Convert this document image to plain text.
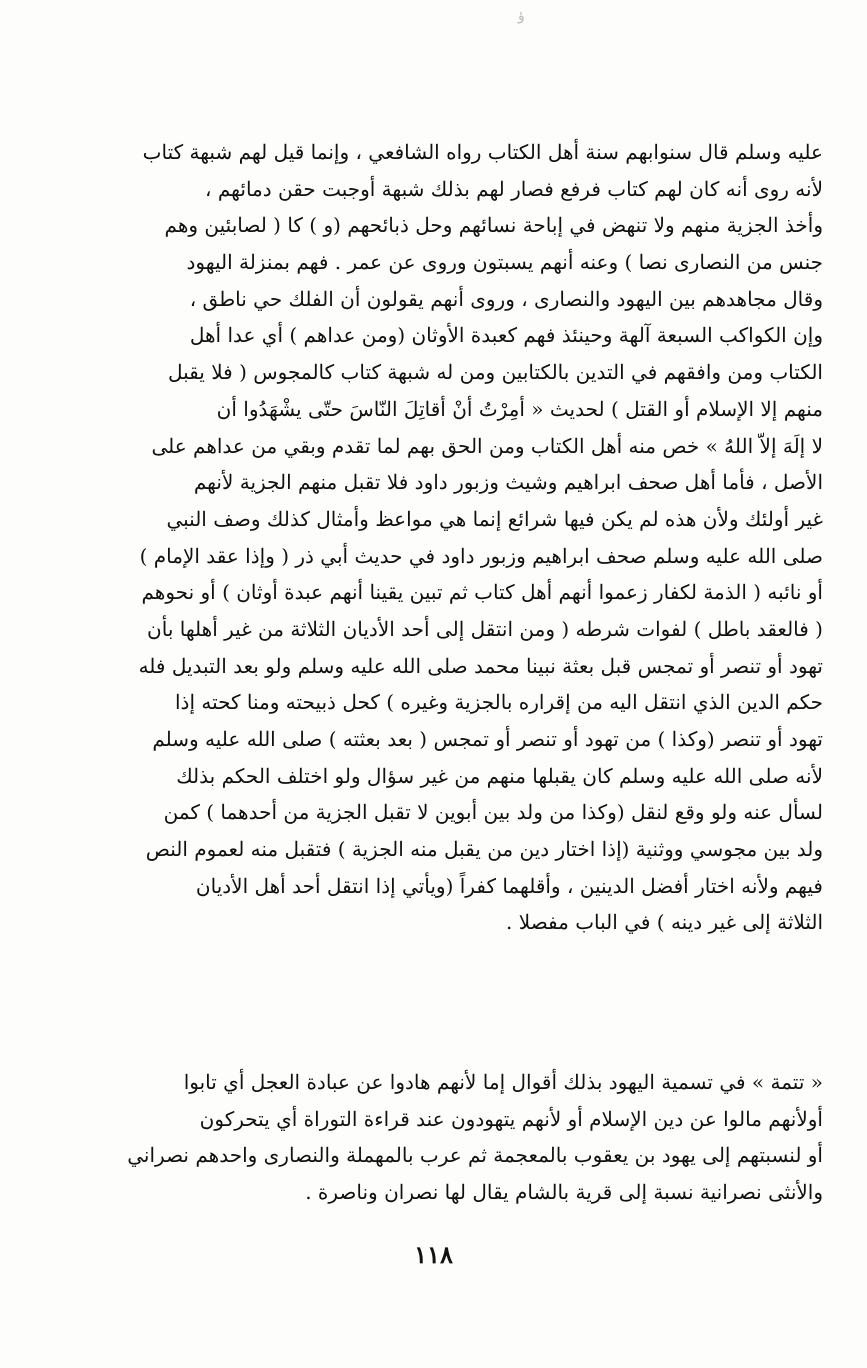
ؤ
عليه وسلم قال سنوابهم سنة أهل الكتاب رواه الشافعي ، وإنما قيل لهم شبهة كتاب
لأنه روى أنه كان لهم كتاب فرفع فصار لهم بذلك شبهة أوجبت حقن دمائهم ،
وأخذ الجزية منهم ولا تنهض في إباحة نسائهم وحل ذبائحهم (و ) كا ( لصابئين وهم
جنس من النصارى نصا ) وعنه أنهم يسبتون وروى عن عمر . فهم بمنزلة اليهود
وقال مجاهدهم بين اليهود والنصارى ، وروى أنهم يقولون أن الفلك حي ناطق ،
وإن الكواكب السبعة آلهة وحينئذ فهم كعبدة الأوثان (ومن عداهم ) أي عدا أهل
الكتاب ومن وافقهم في التدين بالكتابين ومن له شبهة كتاب كالمجوس ( فلا يقبل
منهم إلا الإسلام أو القتل ) لحديث « أمِرْتُ أنْ أقاتِلَ النّاسَ حتّى يشْهَدُوا أن
لا إلَهَ إلاّ اللهُ » خص منه أهل الكتاب ومن الحق بهم لما تقدم وبقي من عداهم على
الأصل ، فأما أهل صحف ابراهيم وشيث وزبور داود فلا تقبل منهم الجزية لأنهم
غير أولئك ولأن هذه لم يكن فيها شرائع إنما هي مواعظ وأمثال كذلك وصف النبي
صلى الله عليه وسلم صحف ابراهيم وزبور داود في حديث أبي ذر ( وإذا عقد الإمام )
أو نائبه ( الذمة لكفار زعموا أنهم أهل كتاب ثم تبين يقينا أنهم عبدة أوثان ) أو نحوهم
( فالعقد باطل ) لفوات شرطه ( ومن انتقل إلى أحد الأديان الثلاثة من غير أهلها بأن
تهود أو تنصر أو تمجس قبل بعثة نبينا محمد صلى الله عليه وسلم ولو بعد التبديل فله
حكم الدين الذي انتقل اليه من إقراره بالجزية وغيره ) كحل ذبيحته ومنا كحته إذا
تهود أو تنصر (وكذا ) من تهود أو تنصر أو تمجس ( بعد بعثته ) صلى الله عليه وسلم
لأنه صلى الله عليه وسلم كان يقبلها منهم من غير سؤال ولو اختلف الحكم بذلك
لسأل عنه ولو وقع لنقل (وكذا من ولد بين أبوين لا تقبل الجزية من أحدهما ) كمن
ولد بين مجوسي ووثنية (إذا اختار دين من يقبل منه الجزية ) فتقبل منه لعموم النص
فيهم ولأنه اختار أفضل الدينين ، وأقلهما كفراً (ويأتي إذا انتقل أحد أهل الأديان
الثلاثة إلى غير دينه ) في الباب مفصلا .
« تتمة » في تسمية اليهود بذلك أقوال إما لأنهم هادوا عن عبادة العجل أي تابوا
أولأنهم مالوا عن دين الإسلام أو لأنهم يتهودون عند قراءة التوراة أي يتحركون
أو لنسبتهم إلى يهود بن يعقوب بالمعجمة ثم عرب بالمهملة والنصارى واحدهم نصراني
والأنثى نصرانية نسبة إلى قرية بالشام يقال لها نصران وناصرة .
١١٨
